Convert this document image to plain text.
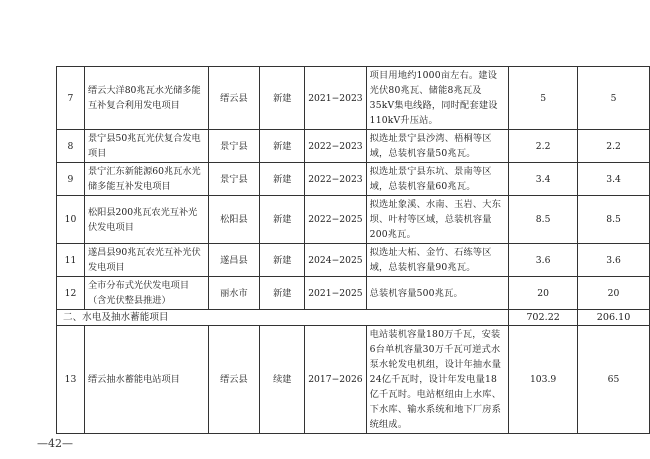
7	缙云大洋80兆瓦水光储多能互补复合利用发电项目	缙云县	新建	2021−2023	项目用地约1000亩左右。建设光伏80兆瓦、储能8兆瓦及35kV集电线路，同时配套建设110kV升压站。	5	5
8	景宁县50兆瓦光伏复合发电项目	景宁县	新建	2022−2023	拟选址景宁县沙湾、梧桐等区域，总装机容量50兆瓦。	2.2	2.2
9	景宁汇东新能源60兆瓦水光储多能互补发电项目	景宁县	新建	2022−2023	拟选址景宁县东坑、景南等区域，总装机容量60兆瓦。	3.4	3.4
10	松阳县200兆瓦农光互补光伏发电项目	松阳县	新建	2022−2025	拟选址象溪、水南、玉岩、大东坝、叶村等区域，总装机容量200兆瓦。	8.5	8.5
11	遂昌县90兆瓦农光互补光伏发电项目	遂昌县	新建	2024−2025	拟选址大柘、金竹、石练等区域，总装机容量90兆瓦。	3.6	3.6
12	全市分布式光伏发电项目（含光伏整县推进）	丽水市	新建	2021−2025	总装机容量500兆瓦。	20	20
二、水电及抽水蓄能项目						702.22	206.10
13	缙云抽水蓄能电站项目	缙云县	续建	2017−2026	电站装机容量180万千瓦，安装6台单机容量30万千瓦可逆式水泵水轮发电机组，设计年抽水量24亿千瓦时，设计年发电量18亿千瓦时。电站枢纽由上水库、下水库、输水系统和地下厂房系统组成。	103.9	65
—42—
